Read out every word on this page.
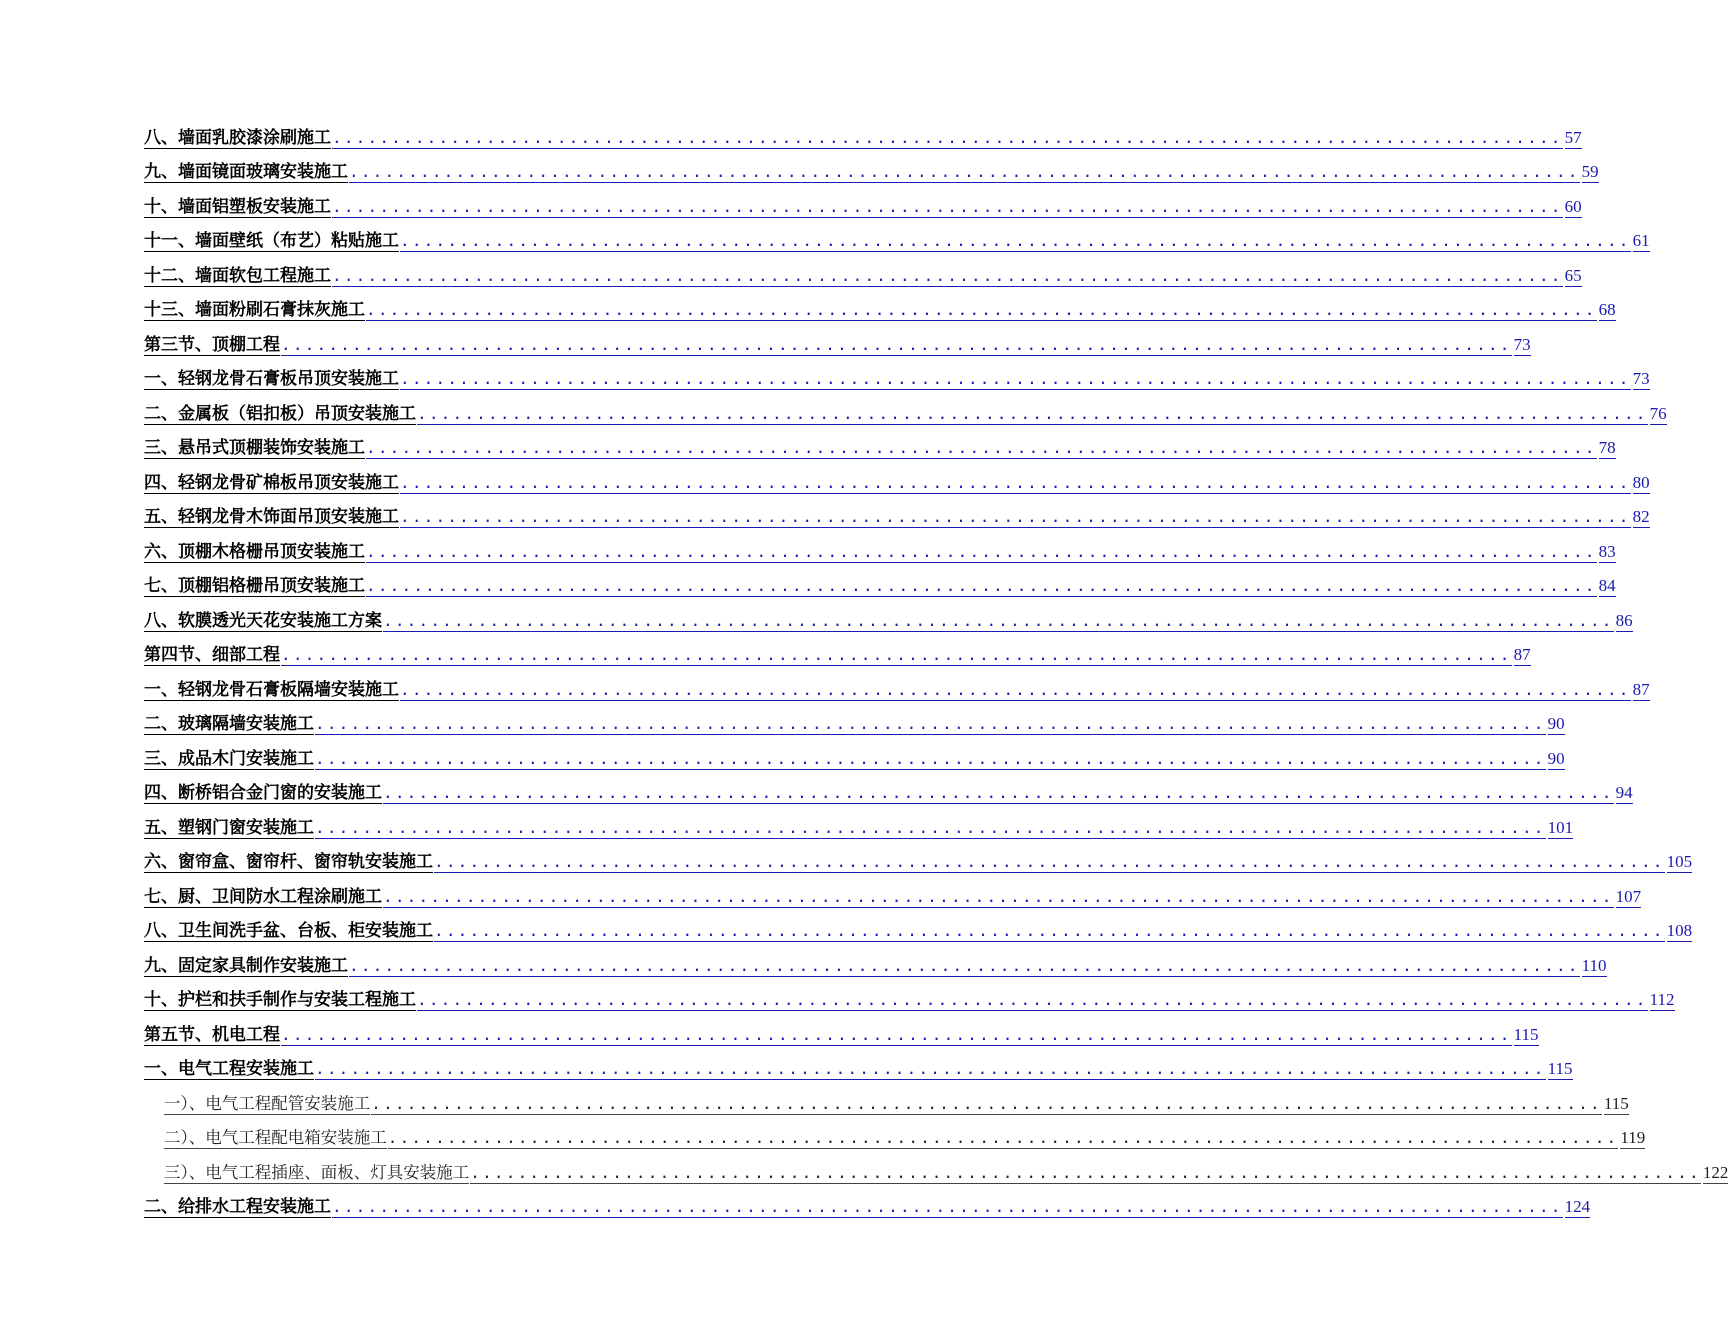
八、墙面乳胶漆涂刷施工 ........................................................................................................ 57
九、墙面镜面玻璃安装施工 ........................................................................................................ 59
十、墙面铝塑板安装施工 ........................................................................................................ 60
十一、墙面壁纸（布艺）粘贴施工 ........................................................................................................ 61
十二、墙面软包工程施工 ........................................................................................................ 65
十三、墙面粉刷石膏抹灰施工 ........................................................................................................ 68
第三节、顶棚工程 ........................................................................................................ 73
一、轻钢龙骨石膏板吊顶安装施工 ........................................................................................................ 73
二、金属板（铝扣板）吊顶安装施工 ........................................................................................................ 76
三、悬吊式顶棚装饰安装施工 ........................................................................................................ 78
四、轻钢龙骨矿棉板吊顶安装施工 ........................................................................................................ 80
五、轻钢龙骨木饰面吊顶安装施工 ........................................................................................................ 82
六、顶棚木格栅吊顶安装施工 ........................................................................................................ 83
七、顶棚铝格栅吊顶安装施工 ........................................................................................................ 84
八、软膜透光天花安装施工方案 ........................................................................................................ 86
第四节、细部工程 ........................................................................................................ 87
一、轻钢龙骨石膏板隔墙安装施工 ........................................................................................................ 87
二、玻璃隔墙安装施工 ........................................................................................................ 90
三、成品木门安装施工 ........................................................................................................ 90
四、断桥铝合金门窗的安装施工 ........................................................................................................ 94
五、塑钢门窗安装施工 ........................................................................................................ 101
六、窗帘盒、窗帘杆、窗帘轨安装施工 ........................................................................................................ 105
七、厨、卫间防水工程涂刷施工 ........................................................................................................ 107
八、卫生间洗手盆、台板、柜安装施工 ........................................................................................................ 108
九、固定家具制作安装施工 ........................................................................................................ 110
十、护栏和扶手制作与安装工程施工 ........................................................................................................ 112
第五节、机电工程 ........................................................................................................ 115
一、电气工程安装施工 ........................................................................................................ 115
一）、电气工程配管安装施工 ........................................................................................................ 115
二）、电气工程配电箱安装施工 ........................................................................................................ 119
三）、电气工程插座、面板、灯具安装施工 ........................................................................................................ 122
二、给排水工程安装施工 ........................................................................................................ 124
